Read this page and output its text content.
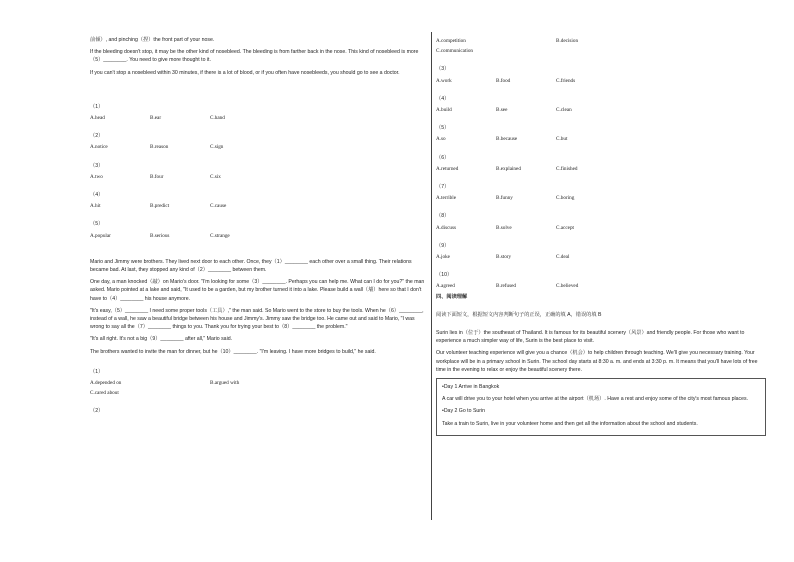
前倾）, and pinching（捏）the front part of your nose.

If the bleeding doesn't stop, it may be the other kind of nosebleed. The bleeding is from farther back in the nose. This kind of nosebleed is more（5）________. You need to give more thought to it.

If you can't stop a nosebleed within 30 minutes, if there is a lot of blood, or if you often have nosebleeds, you should go to see a doctor.

（1）
A.head	B.ear	C.hand
（2）
A.notice	B.reason	C.sign
（3）
A.two	B.four	C.six
（4）
A.hit	B.predict	C.cause
（5）
A.popular	B.serious	C.strange

Mario and Jimmy were brothers. They lived next door to each other. Once, they（1）________ each other over a small thing. Their relations became bad. At last, they stopped any kind of（2）________ between them.

One day, a man knocked（敲）on Mario's door. "I'm looking for some（3）________. Perhaps you can help me. What can I do for you?" the man asked. Mario pointed at a lake and said, "It used to be a garden, but my brother turned it into a lake. Please build a wall（墙）here so that I don't have to（4）________ his house anymore.

"It's easy,（5）________ I need some proper tools（工具）," the man said. So Mario went to the store to buy the tools. When he（6）________, instead of a wall, he saw a beautiful bridge between his house and Jimmy's. Jimmy saw the bridge too. He came out and said to Mario, "I was wrong to say all the（7）________ things to you. Thank you for trying your best to（8）________ the problem."

"It's all right. It's not a big（9）________ after all," Mario said.

The brothers wanted to invite the man for dinner, but he（10）________. "I'm leaving. I have more bridges to build," he said.

（1）
A.depended on	B.argued with
C.cared about
（2）
A.competition	B.decision
C.communication
（3）
A.work	B.food	C.friends
（4）
A.build	B.see	C.clean
（5）
A.so	B.because	C.but
（6）
A.returned	B.explained	C.finished
（7）
A.terrible	B.funny	C.boring
（8）
A.discuss	B.solve	C.accept
（9）
A.joke	B.story	C.deal
（10）
A.agreed	B.refused	C.believed
四、阅读理解

阅读下面短文，根据短文内容判断句子的正误，正确的填 A，错误的填 B

Surin lies in（位于）the southeast of Thailand. It is famous for its beautiful scenery（风景）and friendly people. For those who want to experience a much simpler way of life, Surin is the best place to visit.

Our volunteer teaching experience will give you a chance（机会）to help children through teaching. We'll give you necessary training. Your workplace will be in a primary school in Surin. The school day starts at 8:30 a. m. and ends at 3:30 p. m. It means that you'll have lots of free time in the evening to relax or enjoy the beautiful scenery there.

•Day 1 Arrive in Bangkok

A car will drive you to your hotel when you arrive at the airport（机场）. Have a rest and enjoy some of the city's most famous places.

•Day 2 Go to Surin

Take a train to Surin, live in your volunteer home and then get all the information about the school and students.
